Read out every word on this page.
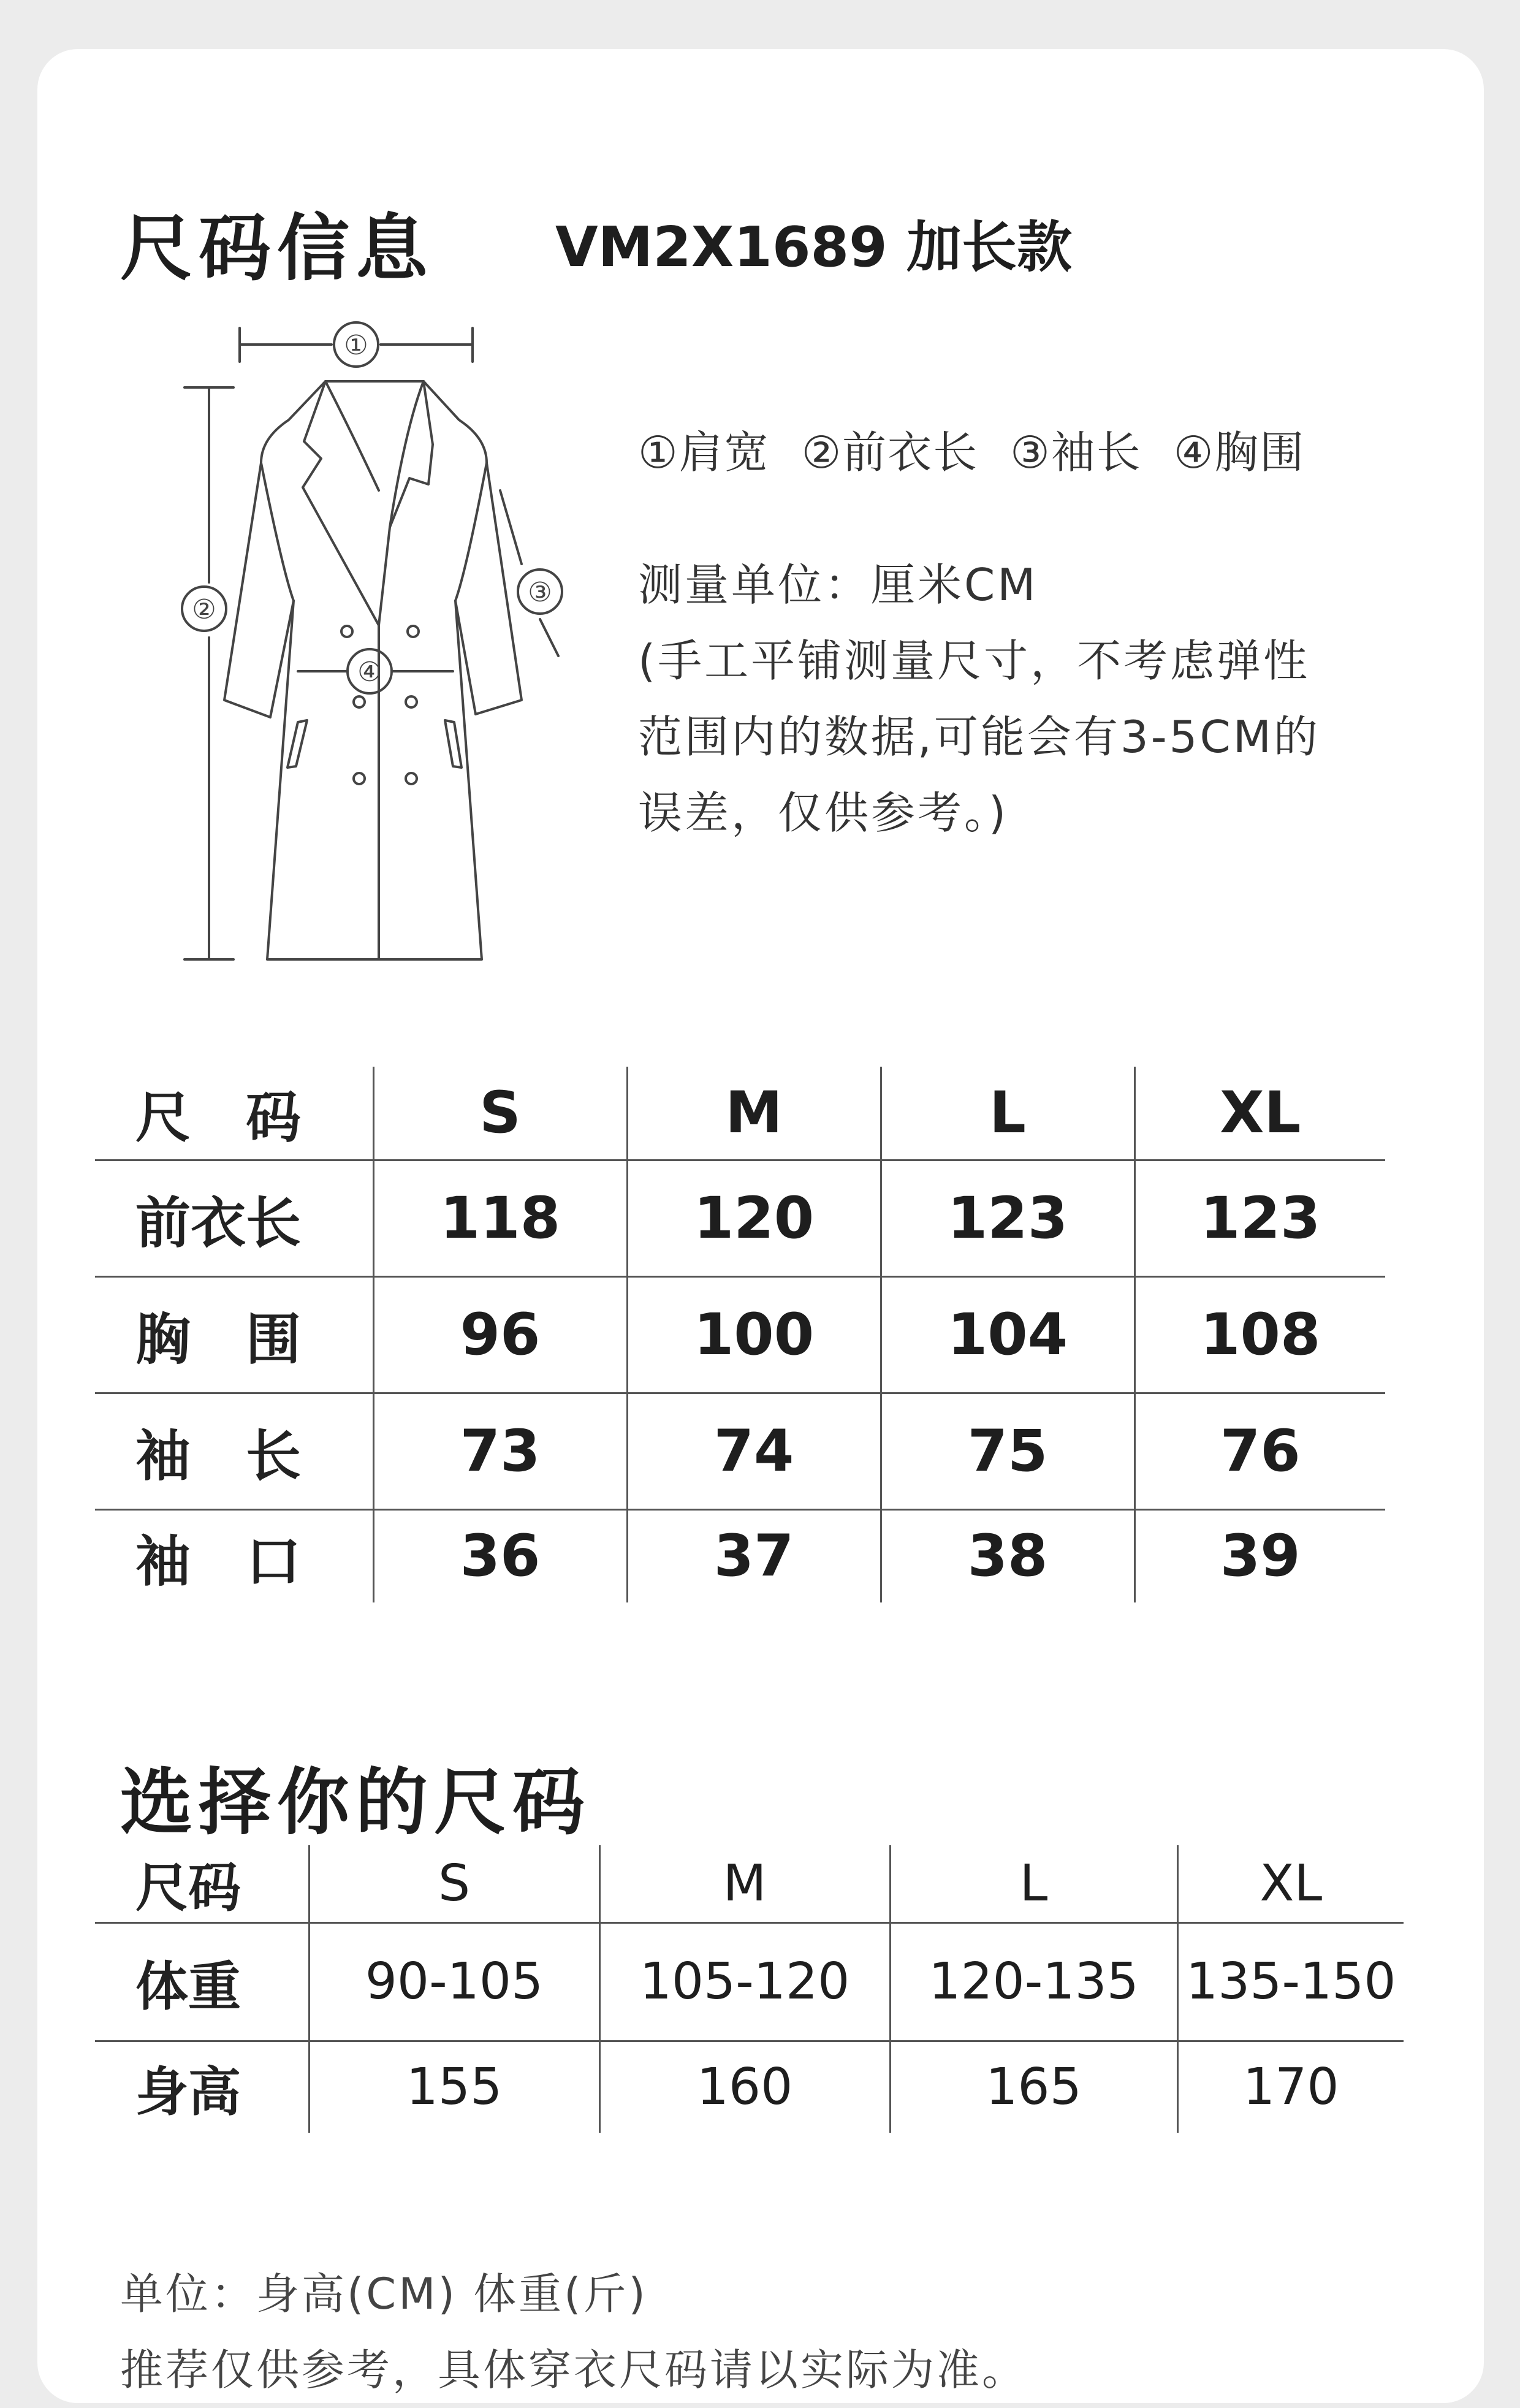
尺码信息 VM2X1689 加长款
①
②
③
④
①肩宽 ②前衣长 ③袖长 ④胸围

测量单位：厘米CM

(手工平铺测量尺寸，不考虑弹性

范围内的数据,可能会有3-5CM的

误差，仅供参考。)

尺　码	S	M	L	XL
前衣长	118	120	123	123
胸　围	96	100	104	108
袖　长	73	74	75	76
袖　口	36	37	38	39
选择你的尺码
尺码	S	M	L	XL
体重	90-105	105-120	120-135	135-150
身高	155	160	165	170

单位：身高(CM) 体重(斤)

推荐仅供参考，具体穿衣尺码请以实际为准。
